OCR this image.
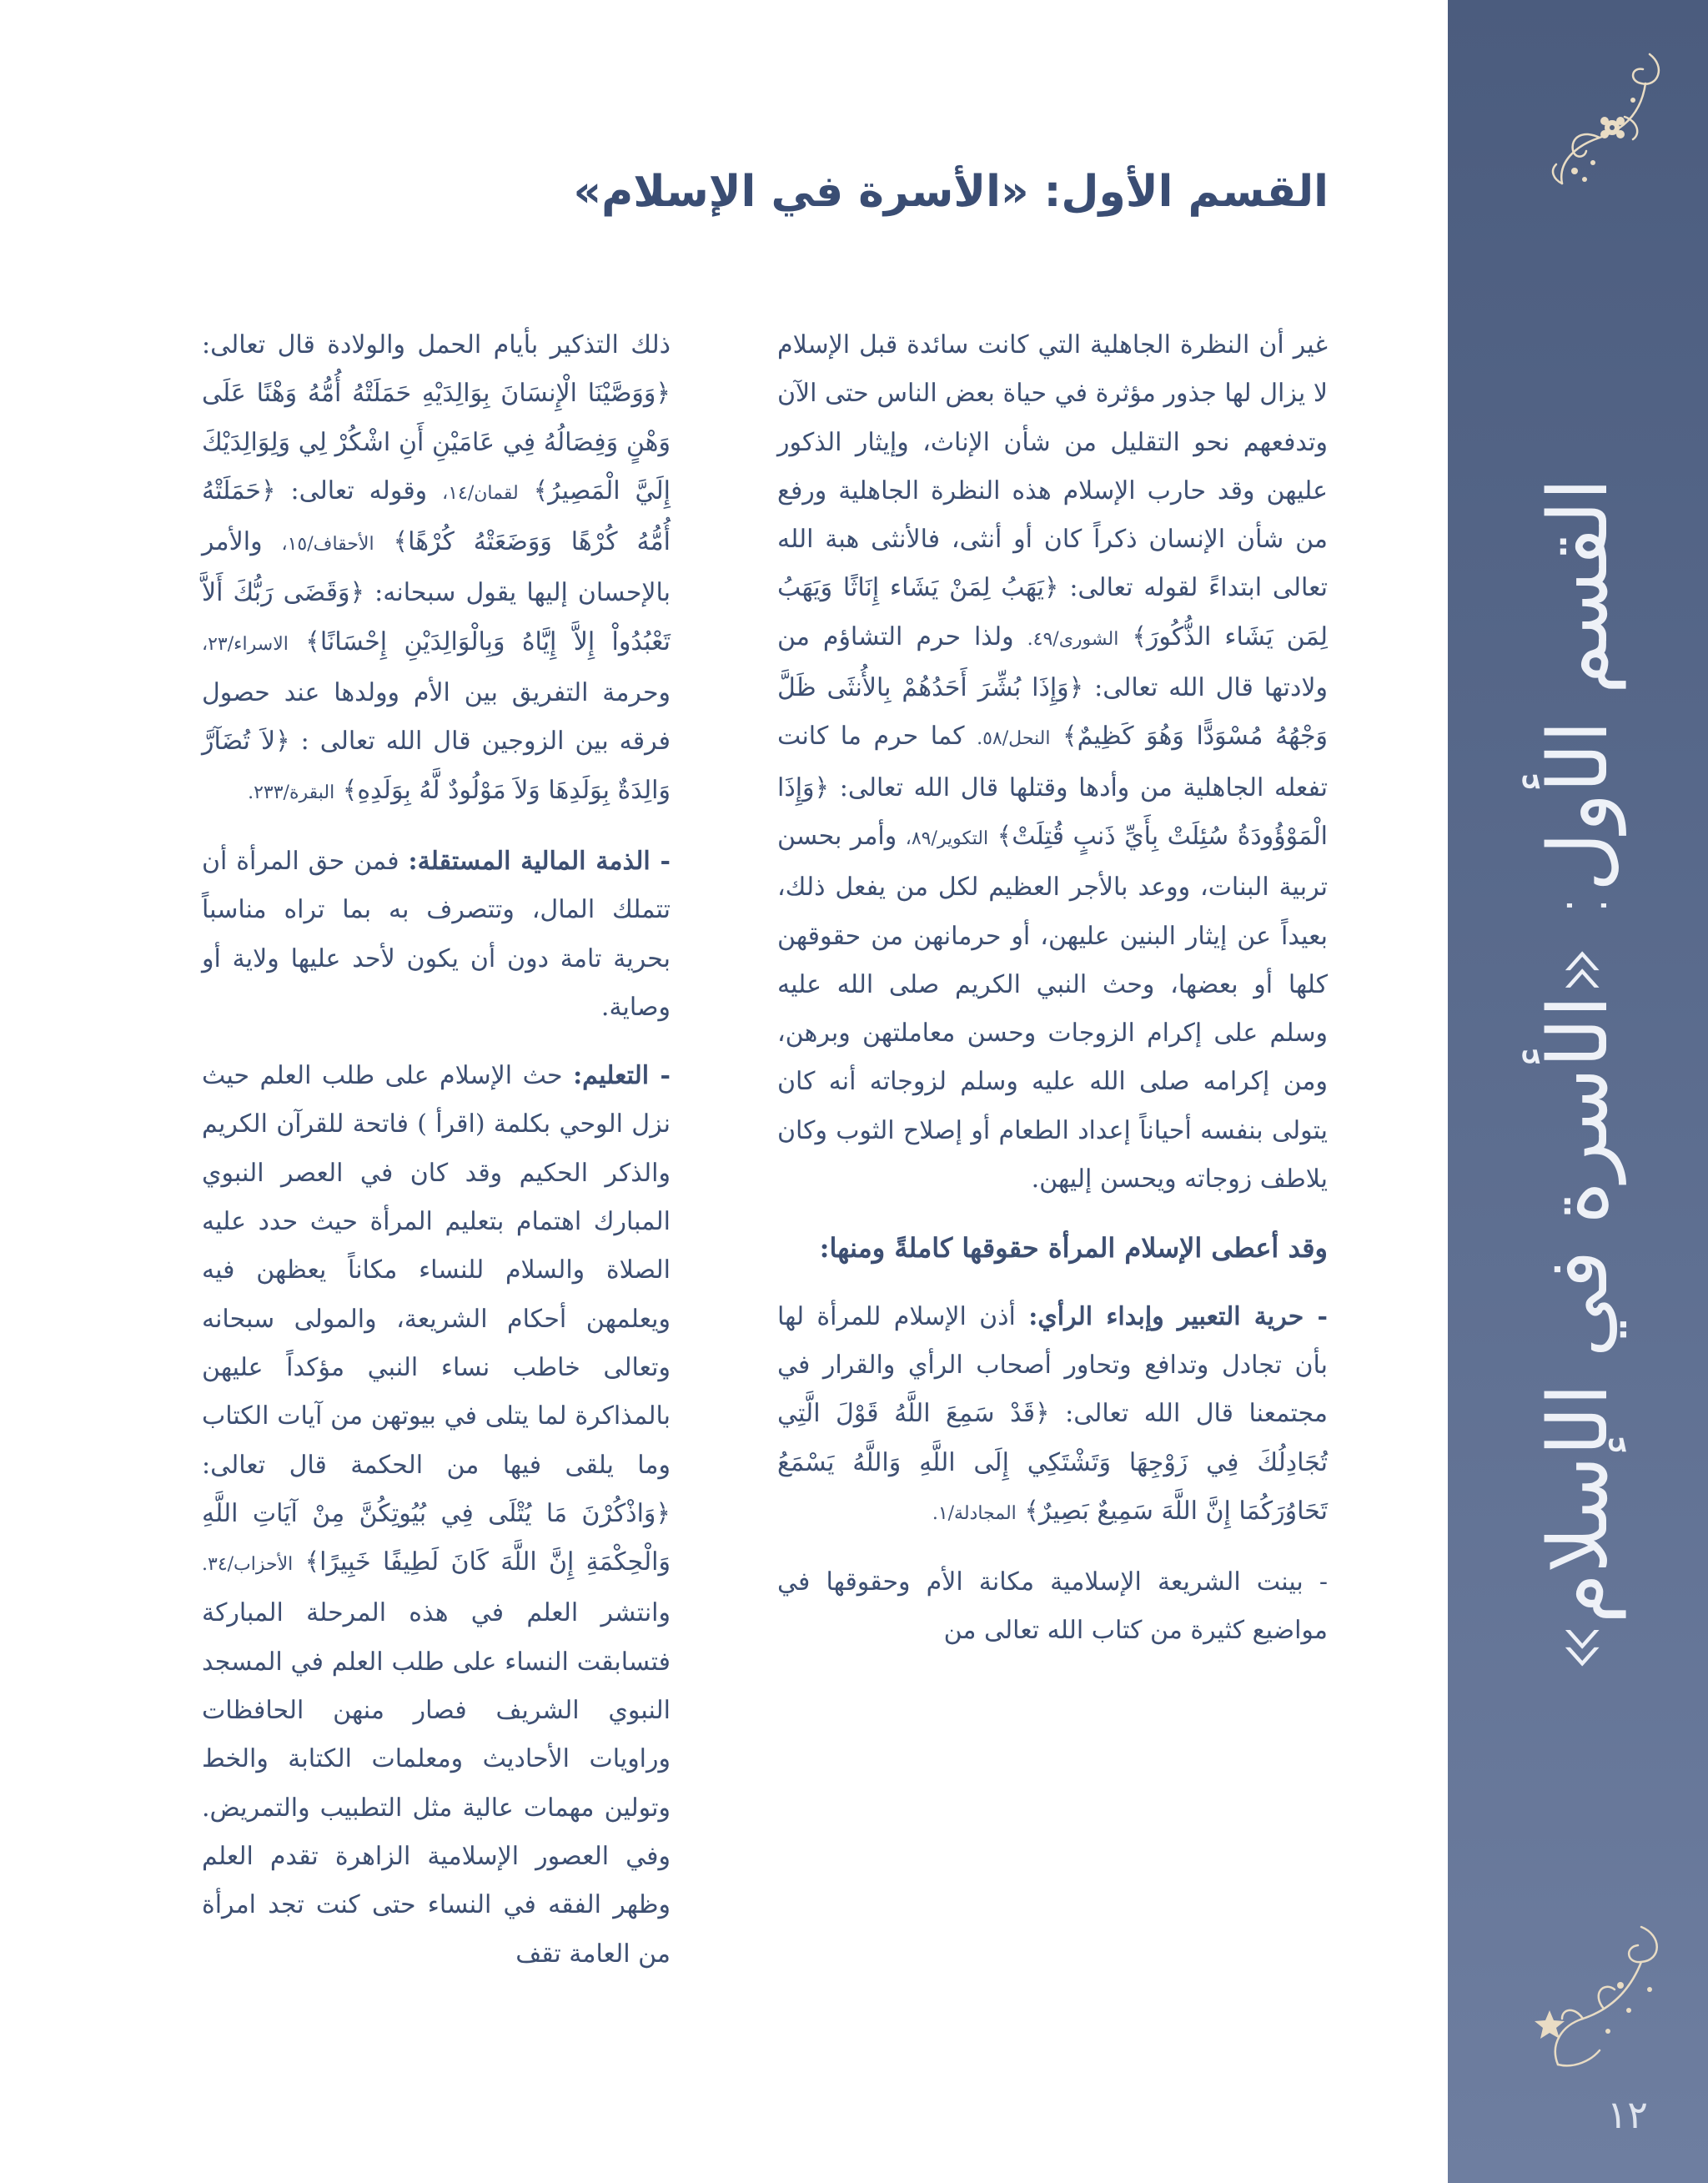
القسم الأول: «الأسرة في الإسلام»
١٢
القسم الأول: «الأسرة في الإسلام»

غير أن النظرة الجاهلية التي كانت سائدة قبل الإسلام لا يزال لها جذور مؤثرة في حياة بعض الناس حتى الآن وتدفعهم نحو التقليل من شأن الإناث، وإيثار الذكور عليهن وقد حارب الإسلام هذه النظرة الجاهلية ورفع من شأن الإنسان ذكراً كان أو أنثى، فالأنثى هبة الله تعالى ابتداءً لقوله تعالى: ﴿يَهَبُ لِمَنْ يَشَاء إِنَاثًا وَيَهَبُ لِمَن يَشَاء الذُّكُورَ﴾ الشورى/٤٩. ولذا حرم التشاؤم من ولادتها قال الله تعالى: ﴿وَإِذَا بُشِّرَ أَحَدُهُمْ بِالأُنثَى ظَلَّ وَجْهُهُ مُسْوَدًّا وَهُوَ كَظِيمٌ﴾ النحل/٥٨. كما حرم ما كانت تفعله الجاهلية من وأدها وقتلها قال الله تعالى: ﴿وَإِذَا الْمَوْؤُودَةُ سُئِلَتْ بِأَيِّ ذَنبٍ قُتِلَتْ﴾ التكوير/٨٩، وأمر بحسن تربية البنات، ووعد بالأجر العظيم لكل من يفعل ذلك، بعيداً عن إيثار البنين عليهن، أو حرمانهن من حقوقهن كلها أو بعضها، وحث النبي الكريم صلى الله عليه وسلم على إكرام الزوجات وحسن معاملتهن وبرهن، ومن إكرامه صلى الله عليه وسلم لزوجاته أنه كان يتولى بنفسه أحياناً إعداد الطعام أو إصلاح الثوب وكان يلاطف زوجاته ويحسن إليهن.

وقد أعطى الإسلام المرأة حقوقها كاملةً ومنها:

- حرية التعبير وإبداء الرأي: أذن الإسلام للمرأة لها بأن تجادل وتدافع وتحاور أصحاب الرأي والقرار في مجتمعنا قال الله تعالى: ﴿قَدْ سَمِعَ اللَّهُ قَوْلَ الَّتِي تُجَادِلُكَ فِي زَوْجِهَا وَتَشْتَكِي إِلَى اللَّهِ وَاللَّهُ يَسْمَعُ تَحَاوُرَكُمَا إِنَّ اللَّهَ سَمِيعٌ بَصِيرٌ﴾ المجادلة/١.

- بينت الشريعة الإسلامية مكانة الأم وحقوقها في مواضيع كثيرة من كتاب الله تعالى من

ذلك التذكير بأيام الحمل والولادة قال تعالى: ﴿وَوَصَّيْنَا الْإِنسَانَ بِوَالِدَيْهِ حَمَلَتْهُ أُمُّهُ وَهْنًا عَلَى وَهْنٍ وَفِصَالُهُ فِي عَامَيْنِ أَنِ اشْكُرْ لِي وَلِوَالِدَيْكَ إِلَيَّ الْمَصِيرُ﴾ لقمان/١٤، وقوله تعالى: ﴿حَمَلَتْهُ أُمُّهُ كُرْهًا وَوَضَعَتْهُ كُرْهًا﴾ الأحقاف/١٥، والأمر بالإحسان إليها يقول سبحانه: ﴿وَقَضَى رَبُّكَ أَلاَّ تَعْبُدُواْ إِلاَّ إِيَّاهُ وَبِالْوَالِدَيْنِ إِحْسَانًا﴾ الاسراء/٢٣، وحرمة التفريق بين الأم وولدها عند حصول فرقه بين الزوجين قال الله تعالى : ﴿لاَ تُضَآرَّ وَالِدَةٌ بِوَلَدِهَا وَلاَ مَوْلُودٌ لَّهُ بِوَلَدِهِ﴾ البقرة/٢٣٣.

- الذمة المالية المستقلة: فمن حق المرأة أن تتملك المال، وتتصرف به بما تراه مناسباً بحرية تامة دون أن يكون لأحد عليها ولاية أو وصاية.

- التعليم: حث الإسلام على طلب العلم حيث نزل الوحي بكلمة (اقرأ ) فاتحة للقرآن الكريم والذكر الحكيم وقد كان في العصر النبوي المبارك اهتمام بتعليم المرأة حيث حدد عليه الصلاة والسلام للنساء مكاناً يعظهن فيه ويعلمهن أحكام الشريعة، والمولى سبحانه وتعالى خاطب نساء النبي مؤكداً عليهن بالمذاكرة لما يتلى في بيوتهن من آيات الكتاب وما يلقى فيها من الحكمة قال تعالى: ﴿وَاذْكُرْنَ مَا يُتْلَى فِي بُيُوتِكُنَّ مِنْ آيَاتِ اللَّهِ وَالْحِكْمَةِ إِنَّ اللَّهَ كَانَ لَطِيفًا خَبِيرًا﴾ الأحزاب/٣٤. وانتشر العلم في هذه المرحلة المباركة فتسابقت النساء على طلب العلم في المسجد النبوي الشريف فصار منهن الحافظات وراويات الأحاديث ومعلمات الكتابة والخط وتولين مهمات عالية مثل التطبيب والتمريض. وفي العصور الإسلامية الزاهرة تقدم العلم وظهر الفقه في النساء حتى كنت تجد امرأة من العامة تقف
